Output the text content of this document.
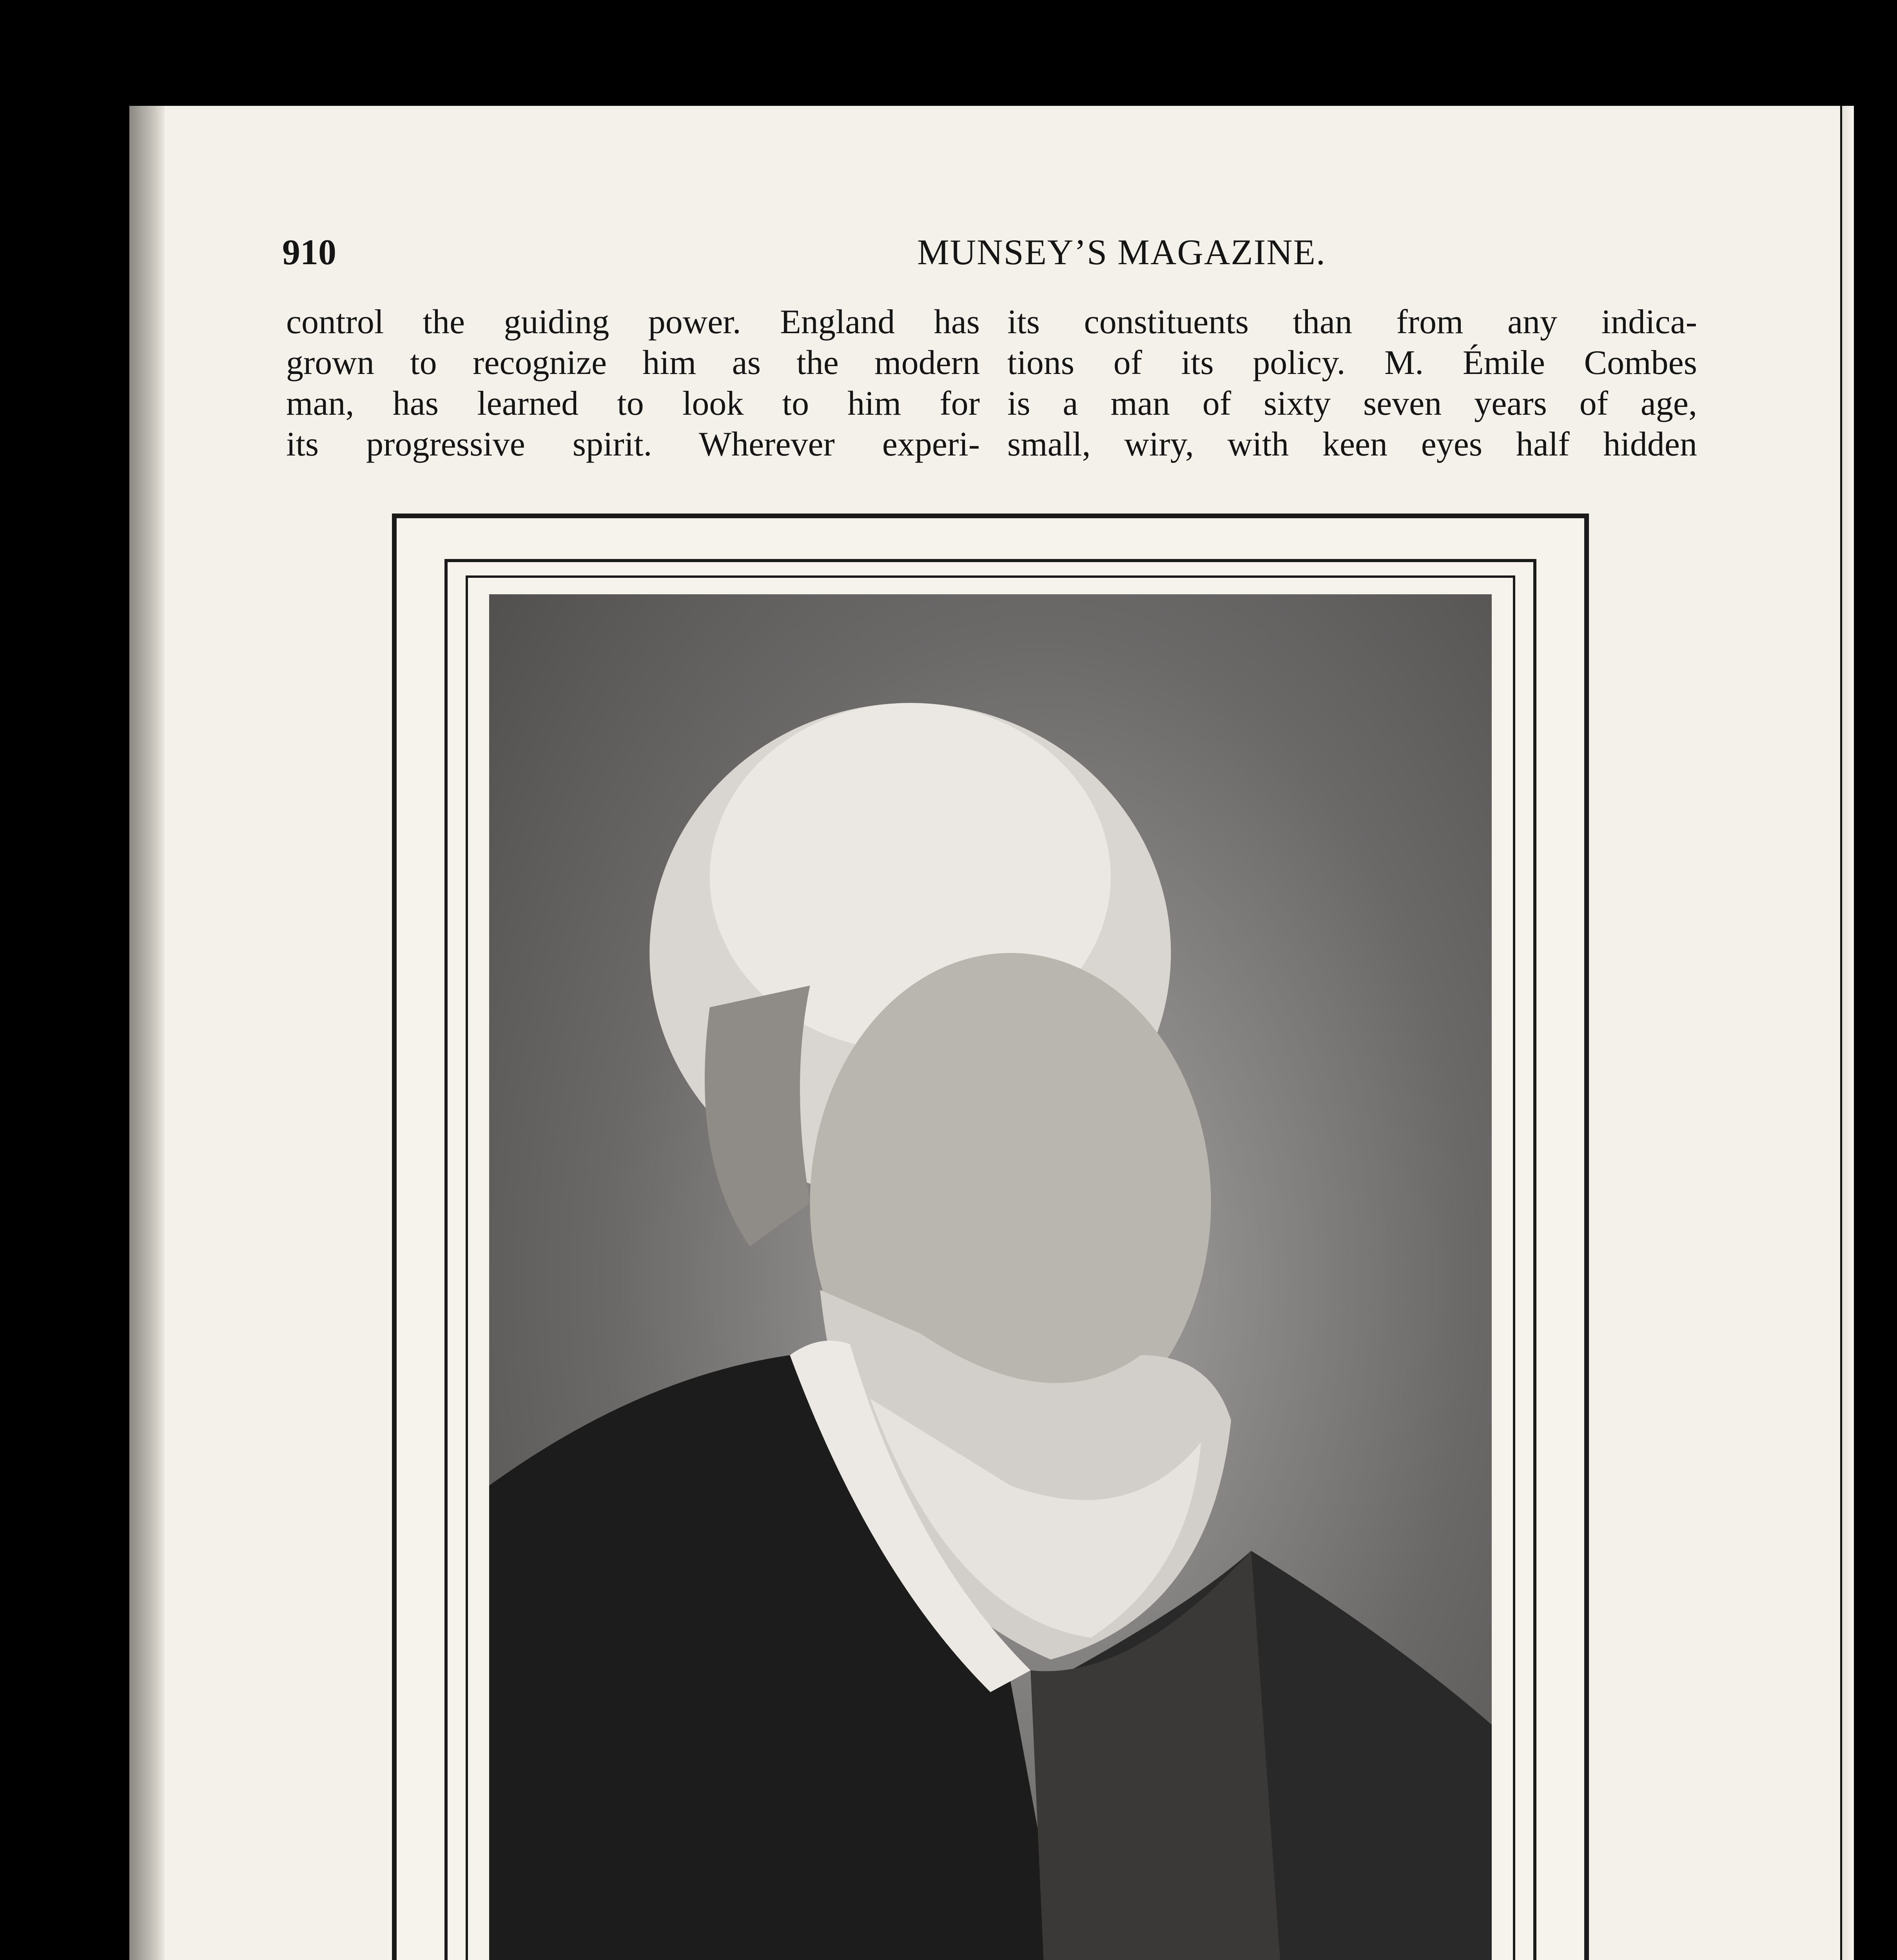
910	MUNSEY’S MAGAZINE.
control the guiding power. England has
grown to recognize him as the modern
man, has learned to look to him for
its progressive spirit. Wherever experi-
its constituents than from any indica-
tions of its policy. M. Émile Combes
is a man of sixty seven years of age,
small, wiry, with keen eyes half hidden
